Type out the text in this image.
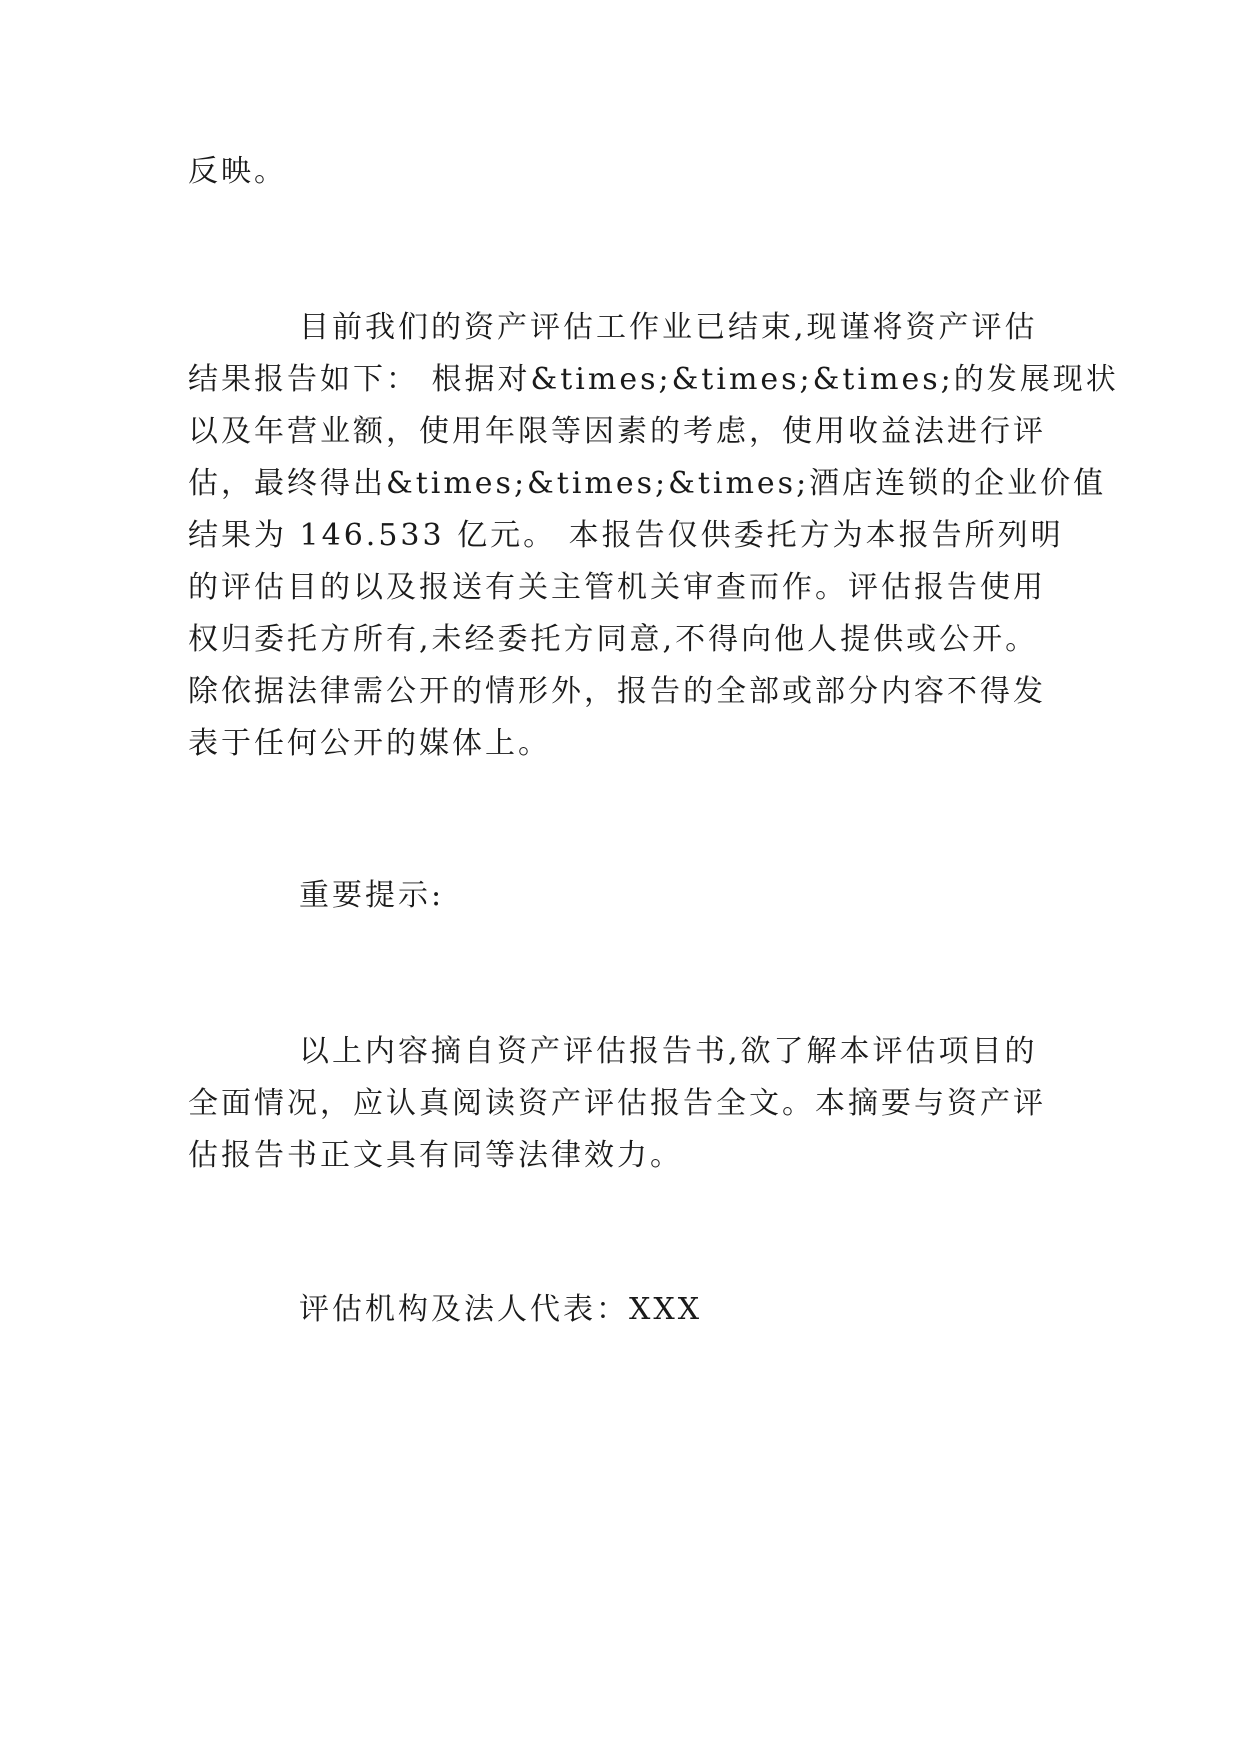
反映。
目前我们的资产评估工作业已结束,现谨将资产评估
结果报告如下： 根据对&times;&times;&times;的发展现状
以及年营业额，使用年限等因素的考虑，使用收益法进行评
估，最终得出&times;&times;&times;酒店连锁的企业价值
结果为 146.533 亿元。 本报告仅供委托方为本报告所列明
的评估目的以及报送有关主管机关审查而作。评估报告使用
权归委托方所有,未经委托方同意,不得向他人提供或公开。
除依据法律需公开的情形外，报告的全部或部分内容不得发
表于任何公开的媒体上。
重要提示:
以上内容摘自资产评估报告书,欲了解本评估项目的
全面情况，应认真阅读资产评估报告全文。本摘要与资产评
估报告书正文具有同等法律效力。
评估机构及法人代表：XXX
